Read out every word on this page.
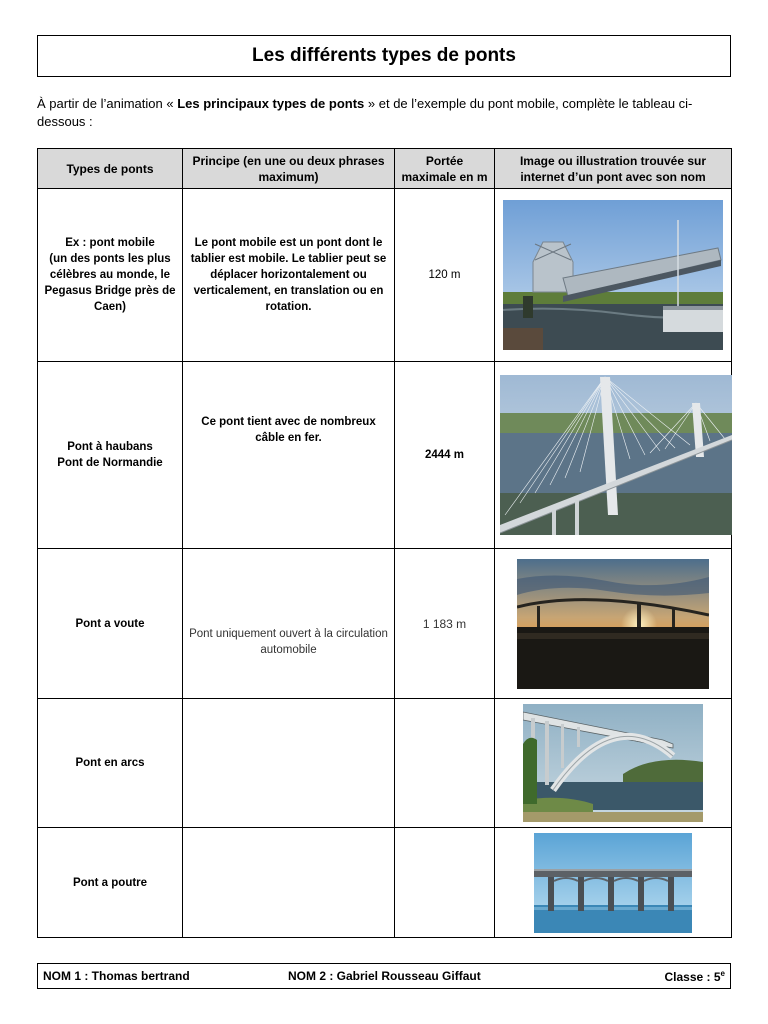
Les différents types de ponts

À partir de l’animation « Les principaux types de ponts » et de l’exemple du pont mobile, complète le tableau ci-dessous :

Types de ponts	Principe (en une ou deux phrases maximum)	Portée maximale en m	Image ou illustration trouvée sur internet d’un pont avec son nom

Ex : pont mobile
(un des ponts les plus célèbres au monde, le Pegasus Bridge près de Caen)	Le pont mobile est un pont dont le tablier est mobile. Le tablier peut se déplacer horizontalement ou verticalement, en translation ou en rotation.	120 m	

Pont à haubans
Pont de Normandie	Ce pont tient avec de nombreux câble en fer.	2444 m	

Pont a voute	Pont uniquement ouvert à la circulation automobile	1 183 m	

Pont en arcs

Pont a poutre

NOM 1 : Thomas bertrand	NOM 2 : Gabriel Rousseau Giffaut	Classe : 5e
